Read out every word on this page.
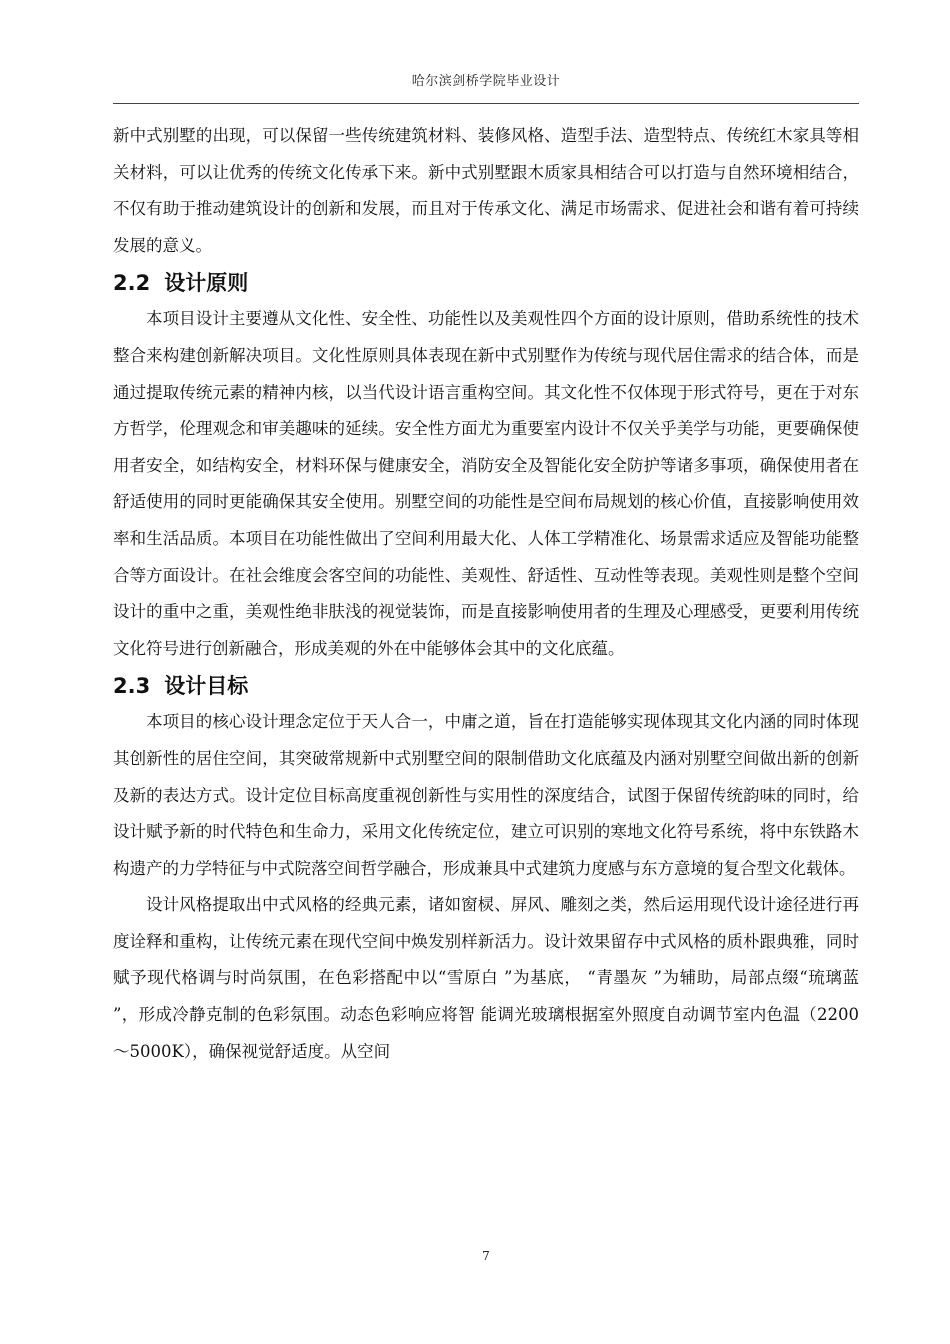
哈尔滨剑桥学院毕业设计

新中式别墅的出现，可以保留一些传统建筑材料、装修风格、造型手法、造型特点、传统红木家具等相关材料，可以让优秀的传统文化传承下来。新中式别墅跟木质家具相结合可以打造与自然环境相结合，不仅有助于推动建筑设计的创新和发展，而且对于传承文化、满足市场需求、促进社会和谐有着可持续发展的意义。

2.2 设计原则

本项目设计主要遵从文化性、安全性、功能性以及美观性四个方面的设计原则，借助系统性的技术整合来构建创新解决项目。文化性原则具体表现在新中式别墅作为传统与现代居住需求的结合体，而是通过提取传统元素的精神内核，以当代设计语言重构空间。其文化性不仅体现于形式符号，更在于对东方哲学，伦理观念和审美趣味的延续。安全性方面尤为重要室内设计不仅关乎美学与功能，更要确保使用者安全，如结构安全，材料环保与健康安全，消防安全及智能化安全防护等诸多事项，确保使用者在舒适使用的同时更能确保其安全使用。别墅空间的功能性是空间布局规划的核心价值，直接影响使用效率和生活品质。本项目在功能性做出了空间利用最大化、人体工学精准化、场景需求适应及智能功能整合等方面设计。在社会维度会客空间的功能性、美观性、舒适性、互动性等表现。美观性则是整个空间设计的重中之重，美观性绝非肤浅的视觉装饰，而是直接影响使用者的生理及心理感受，更要利用传统文化符号进行创新融合，形成美观的外在中能够体会其中的文化底蕴。

2.3 设计目标

本项目的核心设计理念定位于天人合一，中庸之道，旨在打造能够实现体现其文化内涵的同时体现其创新性的居住空间，其突破常规新中式别墅空间的限制借助文化底蕴及内涵对别墅空间做出新的创新及新的表达方式。设计定位目标高度重视创新性与实用性的深度结合，试图于保留传统韵味的同时，给设计赋予新的时代特色和生命力，采用文化传统定位，建立可识别的寒地文化符号系统，将中东铁路木构遗产的力学特征与中式院落空间哲学融合，形成兼具中式建筑力度感与东方意境的复合型文化载体。

设计风格提取出中式风格的经典元素，诸如窗棂、屏风、雕刻之类，然后运用现代设计途径进行再度诠释和重构，让传统元素在现代空间中焕发别样新活力。设计效果留存中式风格的质朴跟典雅，同时赋予现代格调与时尚氛围，在色彩搭配中以“雪原白 ”为基底， “青墨灰 ”为辅助，局部点缀“琉璃蓝 ”，形成冷静克制的色彩氛围。动态色彩响应将智 能调光玻璃根据室外照度自动调节室内色温（2200～5000K），确保视觉舒适度。从空间

7
